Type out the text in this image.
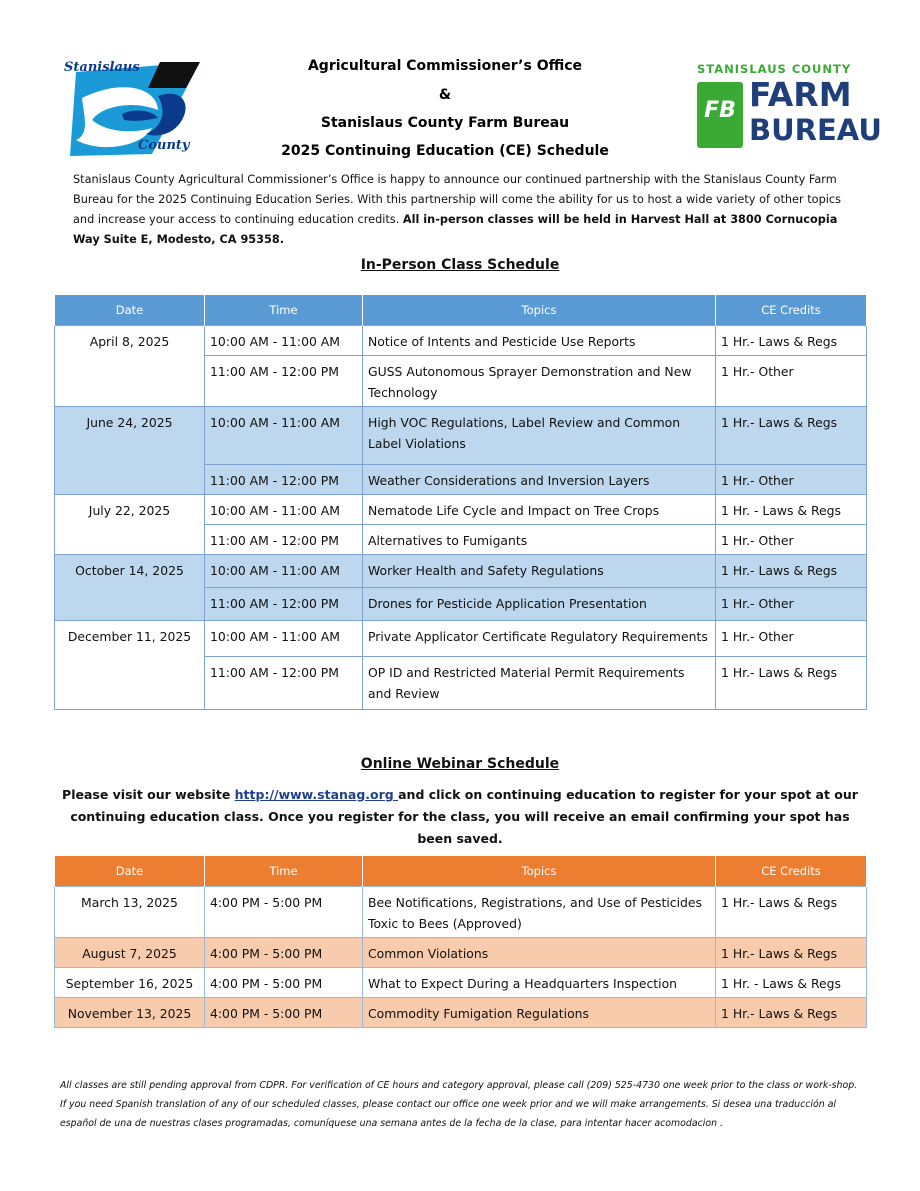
Stanislaus
County
Agricultural Commissioner’s Office
&
Stanislaus County Farm Bureau
2025 Continuing Education (CE) Schedule
STANISLAUS COUNTY
FB FARM
BUREAU
Stanislaus County Agricultural Commissioner’s Office is happy to announce our continued partnership with the Stanislaus County Farm Bureau for the 2025 Continuing Education Series. With this partnership will come the ability for us to host a wide variety of other topics and increase your access to continuing education credits. All in-person classes will be held in Harvest Hall at 3800 Cornucopia Way Suite E, Modesto, CA 95358.
In-Person Class Schedule
Date	Time	Topics	CE Credits
April 8, 2025	10:00 AM - 11:00 AM	Notice of Intents and Pesticide Use Reports	1 Hr.- Laws & Regs
	11:00 AM - 12:00 PM	GUSS Autonomous Sprayer Demonstration and New Technology	1 Hr.- Other
June 24, 2025	10:00 AM - 11:00 AM	High VOC Regulations, Label Review and Common Label Violations	1 Hr.- Laws & Regs
	11:00 AM - 12:00 PM	Weather Considerations and Inversion Layers	1 Hr.- Other
July 22, 2025	10:00 AM - 11:00 AM	Nematode Life Cycle and Impact on Tree Crops	1 Hr. - Laws & Regs
	11:00 AM - 12:00 PM	Alternatives to Fumigants	1 Hr.- Other
October 14, 2025	10:00 AM - 11:00 AM	Worker Health and Safety Regulations	1 Hr.- Laws & Regs
	11:00 AM - 12:00 PM	Drones for Pesticide Application Presentation	1 Hr.- Other
December 11, 2025	10:00 AM - 11:00 AM	Private Applicator Certificate Regulatory Requirements	1 Hr.- Other
	11:00 AM - 12:00 PM	OP ID and Restricted Material Permit Requirements and Review	1 Hr.- Laws & Regs
Online Webinar Schedule
Please visit our website http://www.stanag.org and click on continuing education to register for your spot at our continuing education class. Once you register for the class, you will receive an email confirming your spot has been saved.
Date	Time	Topics	CE Credits
March 13, 2025	4:00 PM - 5:00 PM	Bee Notifications, Registrations, and Use of Pesticides Toxic to Bees (Approved)	1 Hr.- Laws & Regs
August 7, 2025	4:00 PM - 5:00 PM	Common Violations	1 Hr.- Laws & Regs
September 16, 2025	4:00 PM - 5:00 PM	What to Expect During a Headquarters Inspection	1 Hr. - Laws & Regs
November 13, 2025	4:00 PM - 5:00 PM	Commodity Fumigation Regulations	1 Hr.- Laws & Regs
All classes are still pending approval from CDPR. For verification of CE hours and category approval, please call (209) 525-4730 one week prior to the class or work-shop. If you need Spanish translation of any of our scheduled classes, please contact our office one week prior and we will make arrangements. Si desea una traducción al español de una de nuestras clases programadas, comuníquese una semana antes de la fecha de la clase, para intentar hacer acomodacion .
